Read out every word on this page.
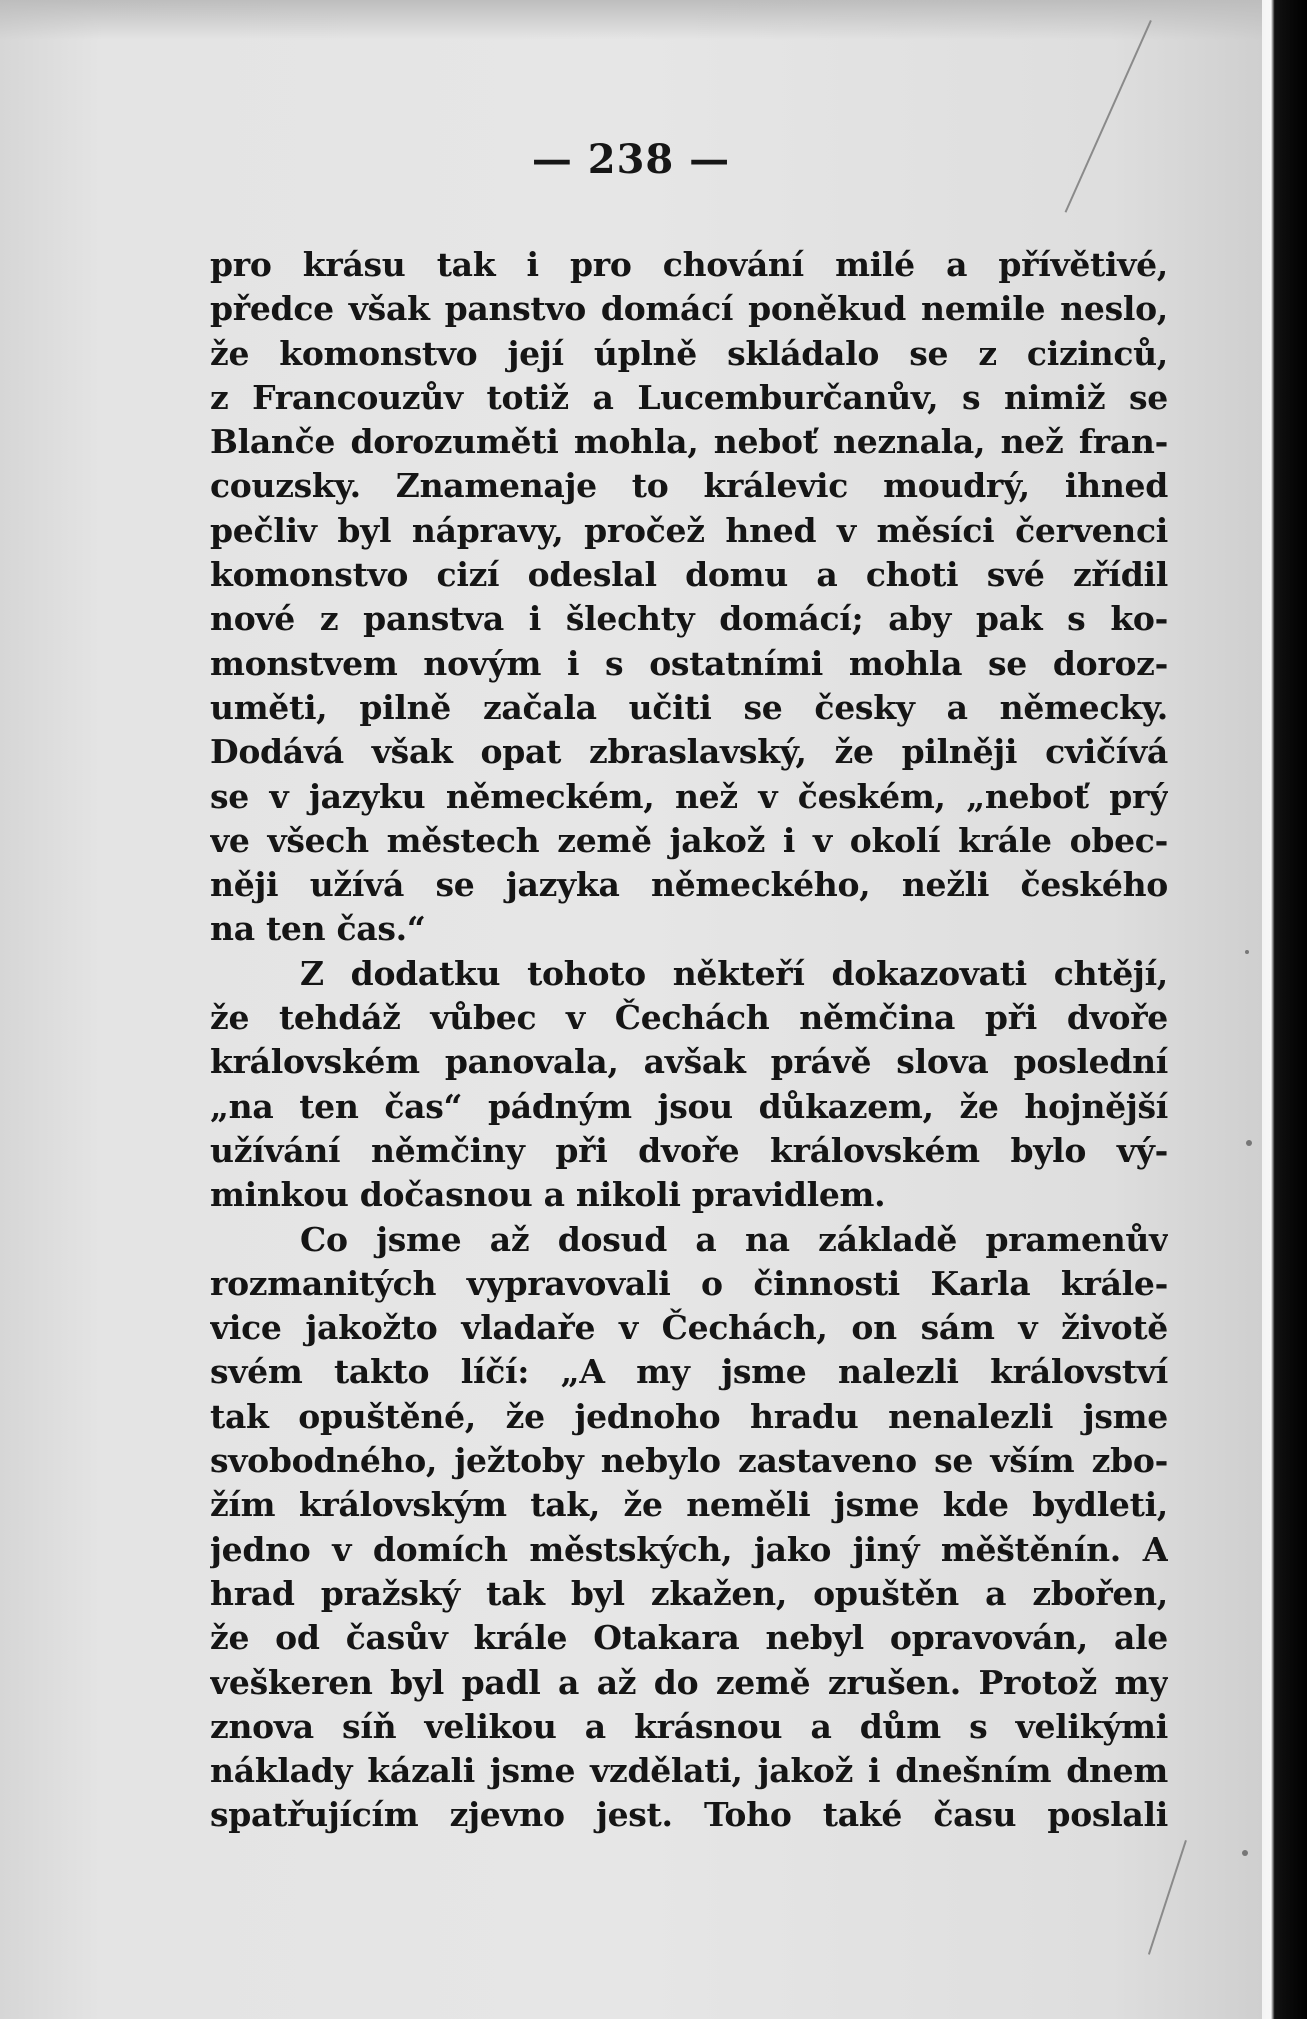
— 238 —

pro krásu tak i pro chování milé a přívětivé,
předce však panstvo domácí poněkud nemile neslo,
že komonstvo její úplně skládalo se z cizinců,
z Francouzův totiž a Lucemburčanův, s nimiž se
Blanče dorozuměti mohla, neboť neznala, než fran-
couzsky. Znamenaje to králevic moudrý, ihned
pečliv byl nápravy, pročež hned v měsíci červenci
komonstvo cizí odeslal domu a choti své zřídil
nové z panstva i šlechty domácí; aby pak s ko-
monstvem novým i s ostatními mohla se doroz-
uměti, pilně začala učiti se česky a německy.
Dodává však opat zbraslavský, že pilněji cvičívá
se v jazyku německém, než v českém, „neboť prý
ve všech městech země jakož i v okolí krále obec-
něji užívá se jazyka německého, nežli českého
na ten čas.“
Z dodatku tohoto někteří dokazovati chtějí,
že tehdáž vůbec v Čechách němčina při dvoře
královském panovala, avšak právě slova poslední
„na ten čas“ pádným jsou důkazem, že hojnější
užívání němčiny při dvoře královském bylo vý-
minkou dočasnou a nikoli pravidlem.
Co jsme až dosud a na základě pramenův
rozmanitých vypravovali o činnosti Karla krále-
vice jakožto vladaře v Čechách, on sám v životě
svém takto líčí: „A my jsme nalezli království
tak opuštěné, že jednoho hradu nenalezli jsme
svobodného, ježtoby nebylo zastaveno se vším zbo-
žím královským tak, že neměli jsme kde bydleti,
jedno v domích městských, jako jiný měštěnín. A
hrad pražský tak byl zkažen, opuštěn a zbořen,
že od časův krále Otakara nebyl opravován, ale
veškeren byl padl a až do země zrušen. Protož my
znova síň velikou a krásnou a dům s velikými
náklady kázali jsme vzdělati, jakož i dnešním dnem
spatřujícím zjevno jest. Toho také času poslali
